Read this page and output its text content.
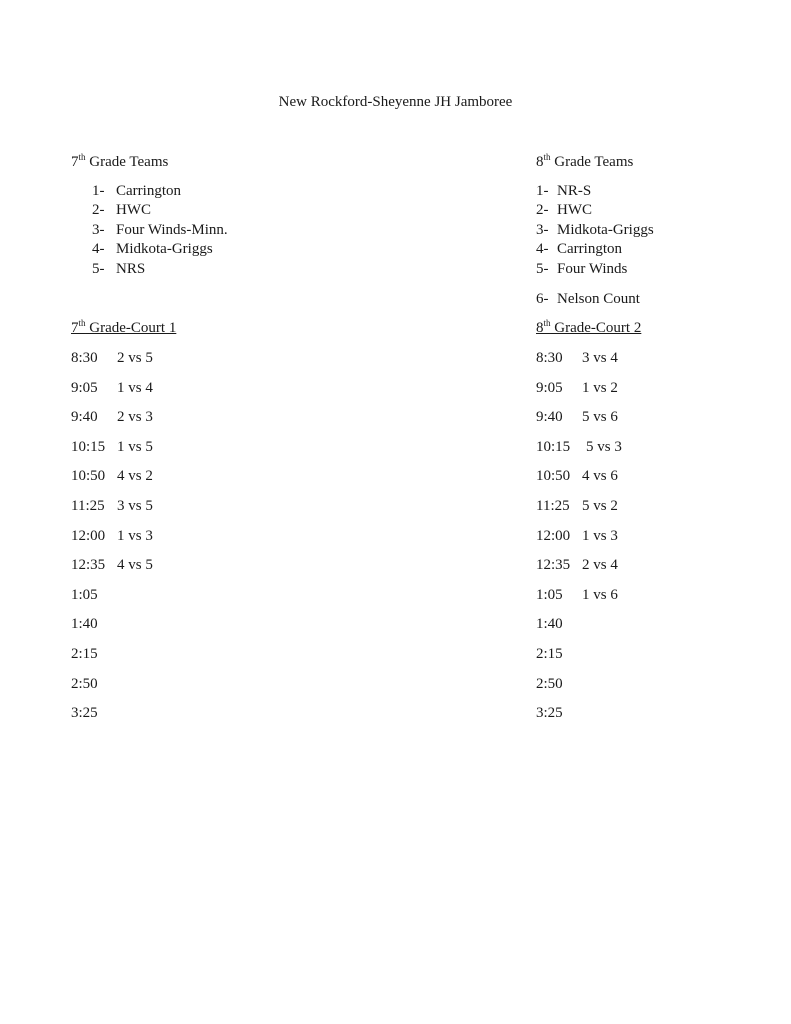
New Rockford-Sheyenne JH Jamboree
7th Grade Teams
1- Carrington
2- HWC
3- Four Winds-Minn.
4- Midkota-Griggs
5- NRS
8th Grade Teams
1- NR-S
2- HWC
3- Midkota-Griggs
4- Carrington
5- Four Winds
6- Nelson Count
7th Grade-Court 1	8th Grade-Court 2
8:30 2 vs 5
9:05 1 vs 4
9:40 2 vs 3
10:15 1 vs 5
10:50 4 vs 2
11:25 3 vs 5
12:00 1 vs 3
12:35 4 vs 5
1:05
1:40
2:15
2:50
3:25
8:30 3 vs 4
9:05 1 vs 2
9:40 5 vs 6
10:15 5 vs 3
10:50 4 vs 6
11:25 5 vs 2
12:00 1 vs 3
12:35 2 vs 4
1:05 1 vs 6
1:40
2:15
2:50
3:25
